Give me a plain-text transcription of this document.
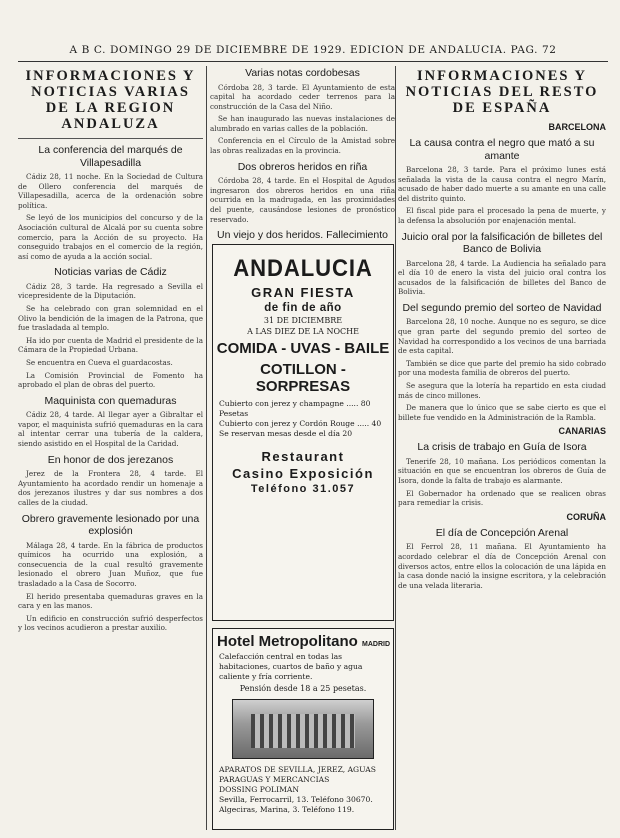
A B C. DOMINGO 29 DE DICIEMBRE DE 1929. EDICION DE ANDALUCIA. PAG. 72
INFORMACIONES Y NOTICIAS VARIAS DE LA REGION ANDALUZA
La conferencia del marqués de Villapesadilla

Cádiz 28, 11 noche. En la Sociedad de Cultura de Ollero conferencia del marqués de Villapesadilla, acerca de la ordenación sobre política.

Se leyó de los municipios del concurso y de la Asociación cultural de Alcalá por su cuenta sobre comercio, para la Acción de su proyecto. Ha conseguido trabajos en el comercio de la región, así como de ayuda a la acción social.

Noticias varias de Cádiz

Cádiz 28, 3 tarde. Ha regresado a Sevilla el vicepresidente de la Diputación.

Se ha celebrado con gran solemnidad en el Olivo la bendición de la imagen de la Patrona, que fue trasladada al templo.

Ha ido por cuenta de Madrid el presidente de la Cámara de la Propiedad Urbana.

Se encuentra en Cueva el guardacostas.

La Comisión Provincial de Fomento ha aprobado el plan de obras del puerto.

Maquinista con quemaduras

Cádiz 28, 4 tarde. Al llegar ayer a Gibraltar el vapor, el maquinista sufrió quemaduras en la cara al intentar cerrar una tubería de la caldera, siendo asistido en el Hospital de la Caridad.

En honor de dos jerezanos

Jerez de la Frontera 28, 4 tarde. El Ayuntamiento ha acordado rendir un homenaje a dos jerezanos ilustres y dar sus nombres a dos calles de la ciudad.

Obrero gravemente lesionado por una explosión

Málaga 28, 4 tarde. En la fábrica de productos químicos ha ocurrido una explosión, a consecuencia de la cual resultó gravemente lesionado el obrero Juan Muñoz, que fue trasladado a la Casa de Socorro.

El herido presentaba quemaduras graves en la cara y en las manos.

Un edificio en construcción sufrió desperfectos y los vecinos acudieron a prestar auxilio.

Varias notas cordobesas

Córdoba 28, 3 tarde. El Ayuntamiento de esta capital ha acordado ceder terrenos para la construcción de la Casa del Niño.

Se han inaugurado las nuevas instalaciones de alumbrado en varias calles de la población.

Conferencia en el Círculo de la Amistad sobre las obras realizadas en la provincia.

Dos obreros heridos en riña

Córdoba 28, 4 tarde. En el Hospital de Agudos ingresaron dos obreros heridos en una riña ocurrida en la madrugada, en las proximidades del puente, causándose lesiones de pronóstico reservado.

Un viejo y dos heridos. Fallecimiento

ANDALUCIA
GRAN FIESTA
de fin de año
31 DE DICIEMBRE
A LAS DIEZ DE LA NOCHE
COMIDA - UVAS - BAILE
COTILLON - SORPRESAS
Cubierto con jerez y champagne ..... 80 Pesetas
Cubierto con jerez y Cordón Rouge ..... 40
Se reservan mesas desde el día 20
Restaurant
Casino Exposición
Teléfono 31.057
Hotel Metropolitano MADRID
Calefacción central en todas las habitaciones, cuartos de baño y agua caliente y fría corriente.
Pensión desde 18 a 25 pesetas.
APARATOS DE SEVILLA, JEREZ, AGUAS
PARAGUAS Y MERCANCIAS
DOSSING POLIMAN
Sevilla, Ferrocarril, 13. Teléfono 30670.
Algeciras, Marina, 3. Teléfono 119.
INFORMACIONES Y NOTICIAS DEL RESTO DE ESPAÑA
BARCELONA
La causa contra el negro que mató a su amante

Barcelona 28, 3 tarde. Para el próximo lunes está señalada la vista de la causa contra el negro Marín, acusado de haber dado muerte a su amante en una calle del distrito quinto.

El fiscal pide para el procesado la pena de muerte, y la defensa la absolución por enajenación mental.

Juicio oral por la falsificación de billetes del Banco de Bolivia

Barcelona 28, 4 tarde. La Audiencia ha señalado para el día 10 de enero la vista del juicio oral contra los acusados de la falsificación de billetes del Banco de Bolivia.

Del segundo premio del sorteo de Navidad

Barcelona 28, 10 noche. Aunque no es seguro, se dice que gran parte del segundo premio del sorteo de Navidad ha correspondido a los vecinos de una barriada de esta capital.

También se dice que parte del premio ha sido cobrado por una modesta familia de obreros del puerto.

Se asegura que la lotería ha repartido en esta ciudad más de cinco millones.

De manera que lo único que se sabe cierto es que el billete fue vendido en la Administración de la Rambla.

CANARIAS
La crisis de trabajo en Guía de Isora

Tenerife 28, 10 mañana. Los periódicos comentan la situación en que se encuentran los obreros de Guía de Isora, donde la falta de trabajo es alarmante.

El Gobernador ha ordenado que se realicen obras para remediar la crisis.

CORUÑA
El día de Concepción Arenal

El Ferrol 28, 11 mañana. El Ayuntamiento ha acordado celebrar el día de Concepción Arenal con diversos actos, entre ellos la colocación de una lápida en la casa donde nació la insigne escritora, y la celebración de una velada literaria.
